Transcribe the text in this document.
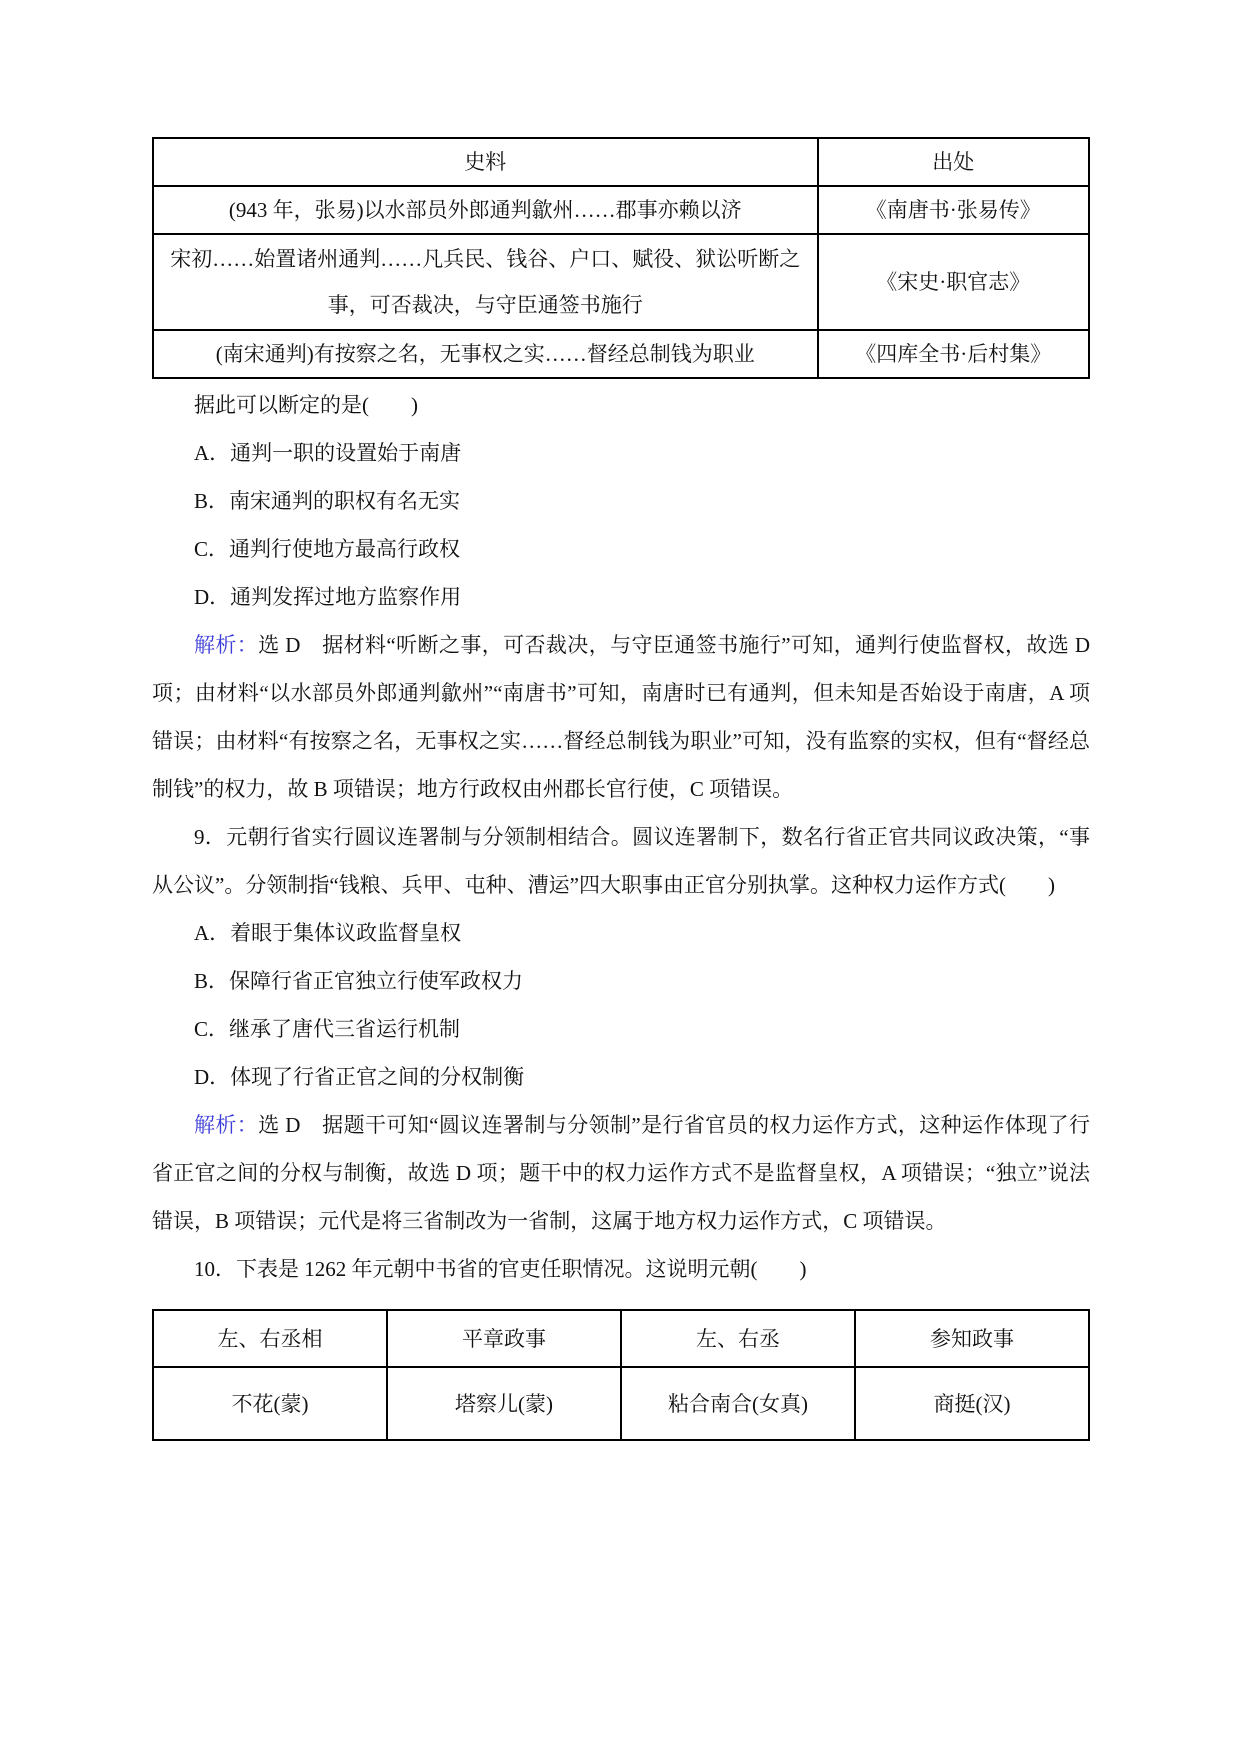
史料	出处
(943 年，张易)以水部员外郎通判歙州……郡事亦赖以济	《南唐书·张易传》
宋初……始置诸州通判……凡兵民、钱谷、户口、赋役、狱讼听断之事，可否裁决，与守臣通签书施行	《宋史·职官志》
(南宋通判)有按察之名，无事权之实……督经总制钱为职业	《四库全书·后村集》

据此可以断定的是(　　)

A．通判一职的设置始于南唐

B．南宋通判的职权有名无实

C．通判行使地方最高行政权

D．通判发挥过地方监察作用

解析：选 D　据材料“听断之事，可否裁决，与守臣通签书施行”可知，通判行使监督权，故选 D 项；由材料“以水部员外郎通判歙州”“南唐书”可知，南唐时已有通判，但未知是否始设于南唐，A 项错误；由材料“有按察之名，无事权之实……督经总制钱为职业”可知，没有监察的实权，但有“督经总制钱”的权力，故 B 项错误；地方行政权由州郡长官行使，C 项错误。

9．元朝行省实行圆议连署制与分领制相结合。圆议连署制下，数名行省正官共同议政决策，“事从公议”。分领制指“钱粮、兵甲、屯种、漕运”四大职事由正官分别执掌。这种权力运作方式(　　)

A．着眼于集体议政监督皇权

B．保障行省正官独立行使军政权力

C．继承了唐代三省运行机制

D．体现了行省正官之间的分权制衡

解析：选 D　据题干可知“圆议连署制与分领制”是行省官员的权力运作方式，这种运作体现了行省正官之间的分权与制衡，故选 D 项；题干中的权力运作方式不是监督皇权，A 项错误；“独立”说法错误，B 项错误；元代是将三省制改为一省制，这属于地方权力运作方式，C 项错误。

10．下表是 1262 年元朝中书省的官吏任职情况。这说明元朝(　　)

左、右丞相	平章政事	左、右丞	参知政事
不花(蒙)	塔察儿(蒙)	粘合南合(女真)	商挺(汉)
